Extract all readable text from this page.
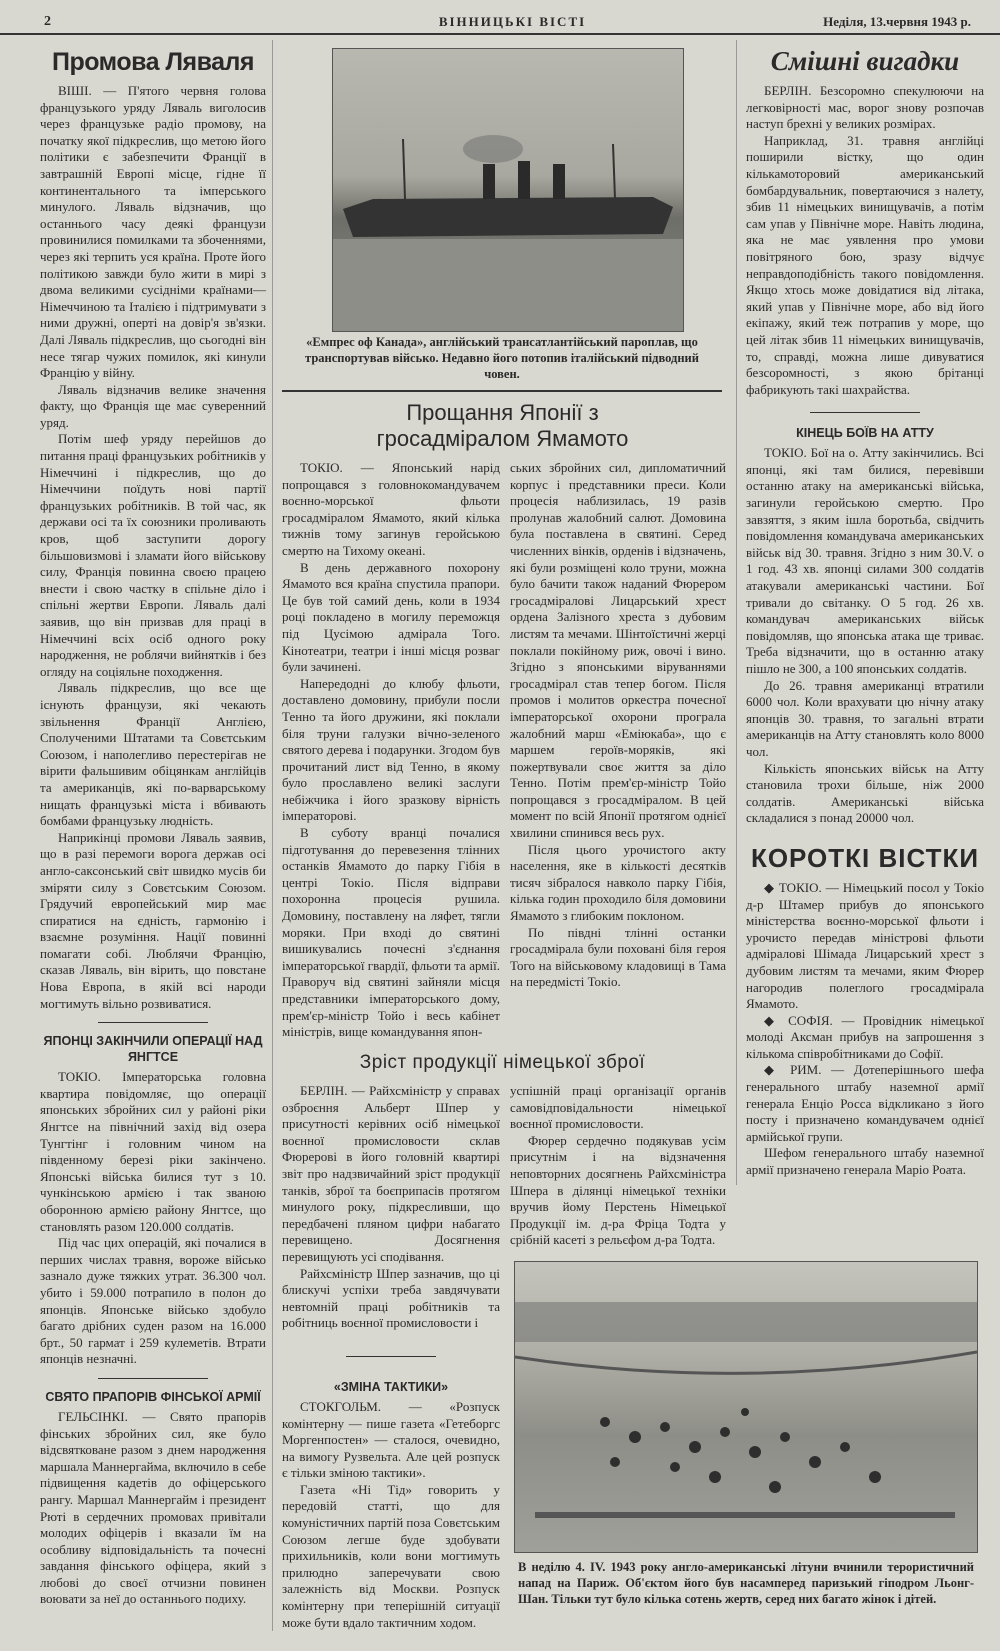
2	ВІННИЦЬКІ ВІСТІ	Неділя, 13.червня 1943 р.
Промова Ляваля

ВІШІ. — П'ятого червня голова французького уряду Ляваль виголосив через французьке радіо промову, на початку якої підкреслив, що метою його політики є забезпечити Франції в завтрашній Европі місце, гідне її континентального та імперського минулого. Ляваль відзначив, що останнього часу деякі французи провинилися помилками та збоченнями, через які терпить уся країна. Проте його політикою завжди було жити в мирі з двома великими сусідніми країнами—Німеччиною та Італією і підтримувати з ними дружні, оперті на довір'я зв'язки. Далі Ляваль підкреслив, що сьогодні він несе тягар чужих помилок, які кинули Францію у війну.

Ляваль відзначив велике значення факту, що Франція ще має суверенний уряд.

Потім шеф уряду перейшов до питання праці французьких робітників у Німеччині і підкреслив, що до Німеччини поїдуть нові партії французьких робітників. В той час, як держави осі та їх союзники проливають кров, щоб заступити дорогу більшовизмові і зламати його військову силу, Франція повинна своєю працею внести і свою частку в спільне діло і спільні жертви Европи. Ляваль далі заявив, що він призвав для праці в Німеччині всіх осіб одного року народження, не роблячи вийнятків і без огляду на соціяльне походження.

Ляваль підкреслив, що все ще існують французи, які чекають звільнення Франції Англією, Сполученими Штатами та Совєтським Союзом, і наполегливо перестерігав не вірити фальшивим обіцянкам англійців та американців, які по-варварському нищать французькі міста і вбивають бомбами французьку людність.

Наприкінці промови Ляваль заявив, що в разі перемоги ворога держав осі англо-саксонський світ швидко мусів би зміряти силу з Совєтським Союзом. Грядучий европейський мир має спиратися на єдність, гармонію і взаємне розуміння. Нації повинні помагати собі. Люблячи Францію, сказав Ляваль, він вірить, що повстане Нова Европа, в якій всі народи могтимуть вільно розвиватися.

ЯПОНЦІ ЗАКІНЧИЛИ ОПЕРАЦІЇ НАД ЯНГТСЕ

ТОКІО. Імператорська головна квартира повідомляє, що операції японських збройних сил у районі ріки Янгтсе на північний захід від озера Тунгтінг і головним чином на південному березі ріки закінчено. Японські війська билися тут з 10. чункінською армією і так званою оборонною армією району Янгтсе, що становлять разом 120.000 солдатів.

Під час цих операцій, які почалися в перших числах травня, вороже військо зазнало дуже тяжких утрат. 36.300 чол. убито і 59.000 потрапило в полон до японців. Японське військо здобуло багато дрібних суден разом на 16.000 брт., 50 гармат і 259 кулеметів. Втрати японців незначні.

СВЯТО ПРАПОРІВ ФІНСЬКОЇ АРМІЇ

ГЕЛЬСІНКІ. — Свято прапорів фінських збройних сил, яке було відсвятковане разом з днем народження маршала Маннергайма, включило в себе підвищення кадетів до офіцерського рангу. Маршал Маннергайм і президент Рюті в сердечних промовах привітали молодих офіцерів і вказали їм на особливу відповідальність та почесні завдання фінського офіцера, який з любові до своєї отчизни повинен воювати за неї до останнього подиху.

«Емпрес оф Канада», англійський трансатлантійський пароплав, що транспортував військо. Недавно його потопив італійський підводний човен.
Прощання Японії з гросадміралом Ямамото

ТОКІО. — Японський нарід попрощався з головнокомандувачем воєнно-морської фльоти гросадміралом Ямамото, який кілька тижнів тому загинув геройською смертю на Тихому океані.

В день державного похорону Ямамото вся країна спустила прапори. Це був той самий день, коли в 1934 році покладено в могилу переможця під Цусімою адмірала Того. Кінотеатри, театри і інші місця розваг були зачинені.

Напередодні до клюбу фльоти, доставлено домовину, прибули посли Тенно та його дружини, які поклали біля труни галузки вічно-зеленого святого дерева і подарунки. Згодом був прочитаний лист від Тенно, в якому було прославлено великі заслуги небіжчика і його зразкову вірність імператорові.

В суботу вранці почалися підготування до перевезення тлінних останків Ямамото до парку Гібія в центрі Токіо. Після відправи похоронна процесія рушила. Домовину, поставлену на ляфет, тягли моряки. При вході до святині вишикувались почесні з'єднання імператорської гвардії, фльоти та армії. Праворуч від святині зайняли місця представники імператорського дому, прем'єр-міністр Тойо і весь кабінет міністрів, вище командування япон-

ських збройних сил, дипломатичний корпус і представники преси. Коли процесія наблизилась, 19 разів пролунав жалобний салют. Домовина була поставлена в святині. Серед численних вінків, орденів і відзначень, які були розміщені коло труни, можна було бачити також наданий Фюрером гросадміралові Лицарський хрест ордена Залізного хреста з дубовим листям та мечами. Шінтоїстичні жерці поклали покійному риж, овочі і вино. Згідно з японськими віруваннями гросадмірал став тепер богом. Після промов і молитов оркестра почесної імператорської охорони програла жалобний марш «Еміюкаба», що є маршем героїв-моряків, які пожертвували своє життя за діло Тенно. Потім прем'єр-міністр Тойо попрощався з гросадміралом. В цей момент по всій Японії протягом однієї хвилини спинився весь рух.

Після цього урочистого акту населення, яке в кількості десятків тисяч зібралося навколо парку Гібія, кілька годин проходило біля домовини Ямамото з глибоким поклоном.

По півдні тлінні останки гросадмірала були поховані біля героя Того на військовому кладовищі в Тама на передмісті Токіо.

Зріст продукції німецької зброї

БЕРЛІН. — Райхсміністр у справах озброєння Альберт Шпер у присутності керівних осіб німецької воєнної промисловости склав Фюрерові в його головній квартирі звіт про надзвичайний зріст продукції танків, зброї та боєприпасів протягом минулого року, підкресливши, що передбачені пляном цифри набагато перевищено. Досягнення перевищують усі сподівання.

Райхсміністр Шпер зазначив, що ці блискучі успіхи треба завдячувати невтомній праці робітників та робітниць воєнної промисловости і

«ЗМІНА ТАКТИКИ»

СТОКГОЛЬМ. — «Розпуск комінтерну — пише газета «Гетеборгс Моргенпостен» — сталося, очевидно, на вимогу Рузвельта. Але цей розпуск є тільки зміною тактики».

Газета «Ні Тід» говорить у передовій статті, що для комуністичних партій поза Совєтським Союзом легше буде здобувати прихильників, коли вони могтимуть прилюдно заперечувати свою залежність від Москви. Розпуск комінтерну при теперішній ситуації може бути вдало тактичним ходом.

успішній праці організації органів самовідповідальности німецької воєнної промисловости.

Фюрер сердечно подякував усім присутнім і на відзначення неповторних досягнень Райхсміністра Шпера в ділянці німецької техніки вручив йому Перстень Німецької Продукції ім. д-ра Фріца Тодта у срібній касеті з рельєфом д-ра Тодта.

В неділю 4. IV. 1943 року англо-американські літуни вчинили терористичний напад на Париж. Об'єктом його був насамперед паризький гіподром Льонг-Шан. Тільки тут було кілька сотень жертв, серед них багато жінок і дітей.
Смішні вигадки

БЕРЛІН. Безсоромно спекулюючи на легковірності мас, ворог знову розпочав наступ брехні у великих розмірах.

Наприклад, 31. травня англійці поширили вістку, що один кількамоторовий американський бомбардувальник, повертаючися з налету, збив 11 німецьких винищувачів, а потім сам упав у Північне море. Навіть людина, яка не має уявлення про умови повітряного бою, зразу відчує неправдоподібність такого повідомлення. Якщо хтось може довідатися від літака, який упав у Північне море, або від його екіпажу, який теж потрапив у море, що цей літак збив 11 німецьких винищувачів, то, справді, можна лише дивуватися безсоромності, з якою брітанці фабрикують такі шахрайства.

КІНЕЦЬ БОЇВ НА АТТУ

ТОКІО. Бої на о. Атту закінчились. Всі японці, які там билися, перевівши останню атаку на американські війська, загинули геройською смертю. Про завзяття, з яким ішла боротьба, свідчить повідомлення командувача американських військ від 30. травня. Згідно з ним 30.V. о 1 год. 43 хв. японці силами 300 солдатів атакували американські частини. Бої тривали до світанку. О 5 год. 26 хв. командувач американських військ повідомляв, що японська атака ще триває. Треба відзначити, що в останню атаку пішло не 300, а 100 японських солдатів.

До 26. травня американці втратили 6000 чол. Коли врахувати цю нічну атаку японців 30. травня, то загальні втрати американців на Атту становлять коло 8000 чол.

Кількість японських військ на Атту становила трохи більше, ніж 2000 солдатів. Американські війська складалися з понад 20000 чол.

КОРОТКІ ВІСТКИ

◆ ТОКІО. — Німецький посол у Токіо д-р Штамер прибув до японського міністерства воєнно-морської фльоти і урочисто передав міністрові фльоти адміралові Шімада Лицарський хрест з дубовим листям та мечами, яким Фюрер нагородив полеглого гросадмірала Ямамото.

◆ СОФІЯ. — Провідник німецької молоді Аксман прибув на запрошення з кількома співробітниками до Софії.

◆ РИМ. — Дотеперішнього шефа генерального штабу наземної армії генерала Енціо Росса відкликано з його посту і призначено командувачем однієї армійської групи.

Шефом генерального штабу наземної армії призначено генерала Маріо Роата.
